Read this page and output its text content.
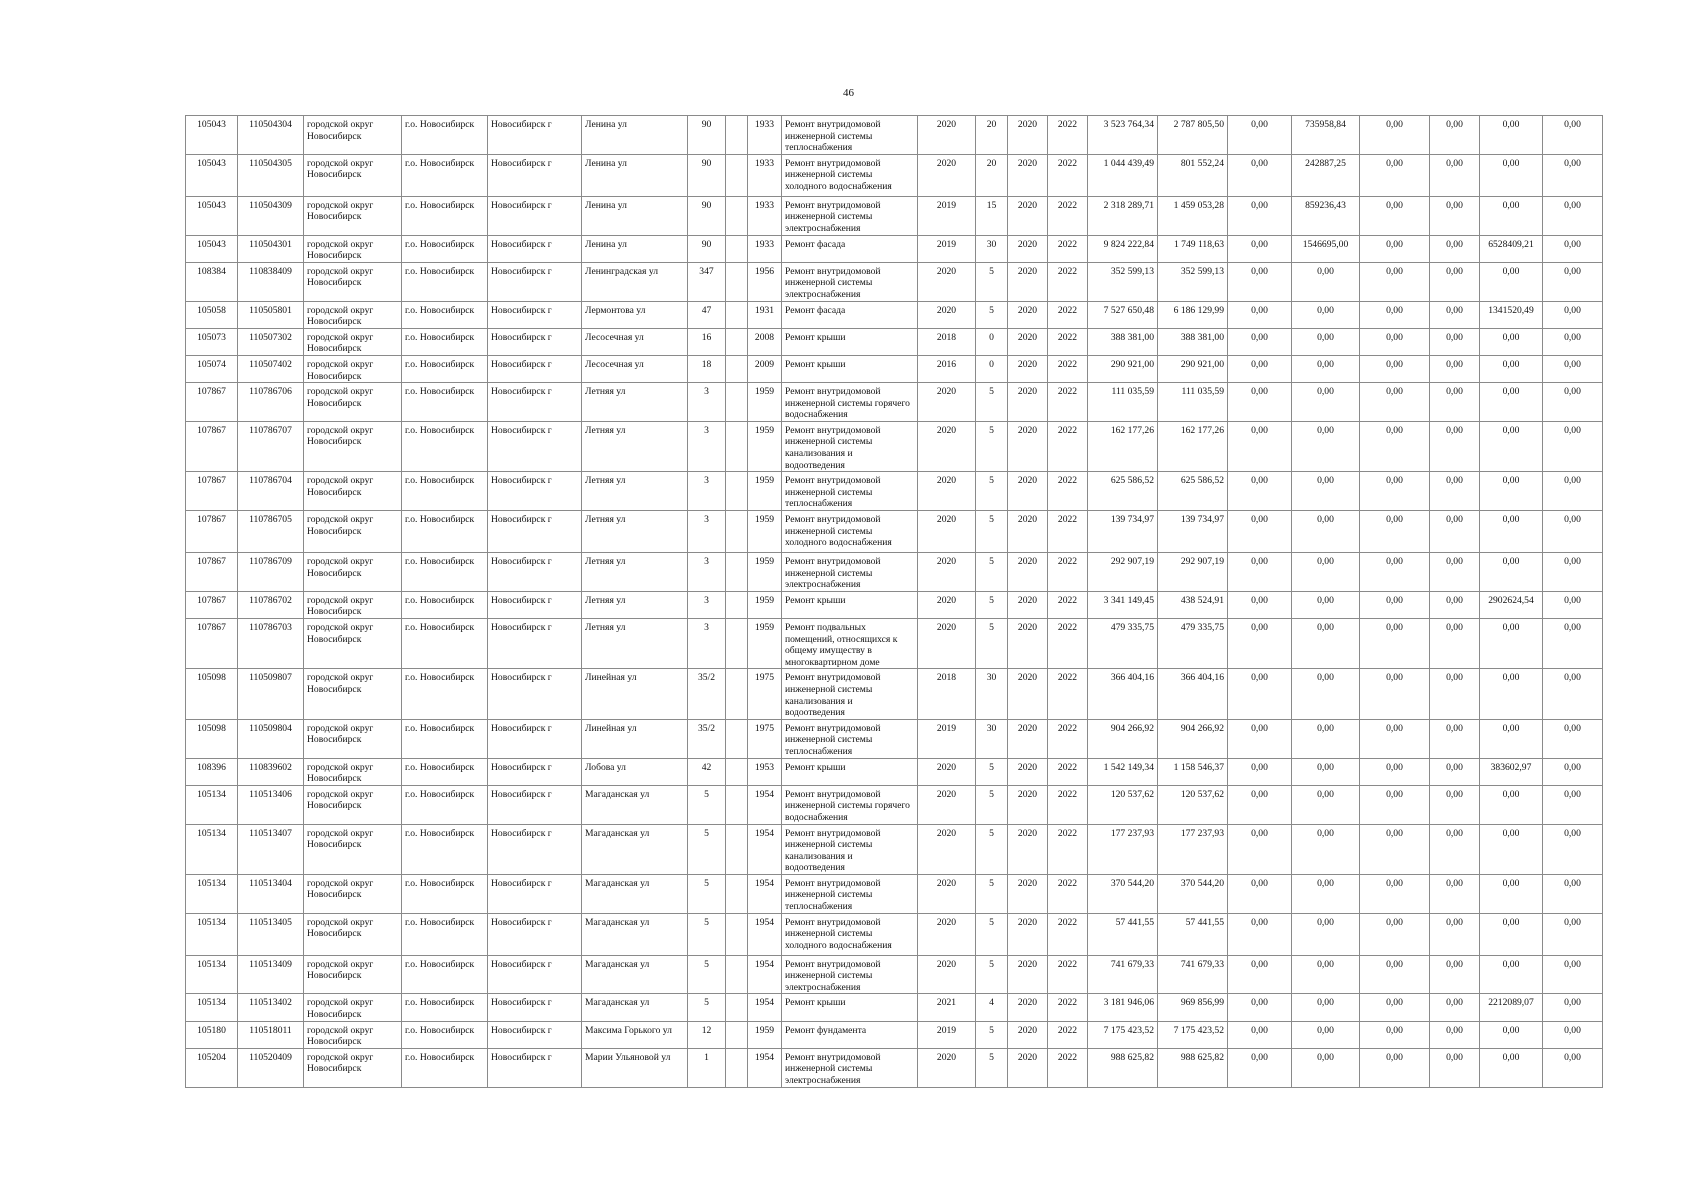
46
105043	110504304	городской округ Новосибирск	г.о. Новосибирск	Новосибирск г	Ленина ул	90		1933	Ремонт внутридомовой инженерной системы теплоснабжения	2020	20	2020	2022	3 523 764,34	2 787 805,50	0,00	735958,84	0,00	0,00	0,00	0,00
105043	110504305	городской округ Новосибирск	г.о. Новосибирск	Новосибирск г	Ленина ул	90		1933	Ремонт внутридомовой инженерной системы холодного водоснабжения	2020	20	2020	2022	1 044 439,49	801 552,24	0,00	242887,25	0,00	0,00	0,00	0,00
105043	110504309	городской округ Новосибирск	г.о. Новосибирск	Новосибирск г	Ленина ул	90		1933	Ремонт внутридомовой инженерной системы электроснабжения	2019	15	2020	2022	2 318 289,71	1 459 053,28	0,00	859236,43	0,00	0,00	0,00	0,00
105043	110504301	городской округ Новосибирск	г.о. Новосибирск	Новосибирск г	Ленина ул	90		1933	Ремонт фасада	2019	30	2020	2022	9 824 222,84	1 749 118,63	0,00	1546695,00	0,00	0,00	6528409,21	0,00
108384	110838409	городской округ Новосибирск	г.о. Новосибирск	Новосибирск г	Ленинградская ул	347		1956	Ремонт внутридомовой инженерной системы электроснабжения	2020	5	2020	2022	352 599,13	352 599,13	0,00	0,00	0,00	0,00	0,00	0,00
105058	110505801	городской округ Новосибирск	г.о. Новосибирск	Новосибирск г	Лермонтова ул	47		1931	Ремонт фасада	2020	5	2020	2022	7 527 650,48	6 186 129,99	0,00	0,00	0,00	0,00	1341520,49	0,00
105073	110507302	городской округ Новосибирск	г.о. Новосибирск	Новосибирск г	Лесосечная ул	16		2008	Ремонт крыши	2018	0	2020	2022	388 381,00	388 381,00	0,00	0,00	0,00	0,00	0,00	0,00
105074	110507402	городской округ Новосибирск	г.о. Новосибирск	Новосибирск г	Лесосечная ул	18		2009	Ремонт крыши	2016	0	2020	2022	290 921,00	290 921,00	0,00	0,00	0,00	0,00	0,00	0,00
107867	110786706	городской округ Новосибирск	г.о. Новосибирск	Новосибирск г	Летняя ул	3		1959	Ремонт внутридомовой инженерной системы горячего водоснабжения	2020	5	2020	2022	111 035,59	111 035,59	0,00	0,00	0,00	0,00	0,00	0,00
107867	110786707	городской округ Новосибирск	г.о. Новосибирск	Новосибирск г	Летняя ул	3		1959	Ремонт внутридомовой инженерной системы канализования и водоотведения	2020	5	2020	2022	162 177,26	162 177,26	0,00	0,00	0,00	0,00	0,00	0,00
107867	110786704	городской округ Новосибирск	г.о. Новосибирск	Новосибирск г	Летняя ул	3		1959	Ремонт внутридомовой инженерной системы теплоснабжения	2020	5	2020	2022	625 586,52	625 586,52	0,00	0,00	0,00	0,00	0,00	0,00
107867	110786705	городской округ Новосибирск	г.о. Новосибирск	Новосибирск г	Летняя ул	3		1959	Ремонт внутридомовой инженерной системы холодного водоснабжения	2020	5	2020	2022	139 734,97	139 734,97	0,00	0,00	0,00	0,00	0,00	0,00
107867	110786709	городской округ Новосибирск	г.о. Новосибирск	Новосибирск г	Летняя ул	3		1959	Ремонт внутридомовой инженерной системы электроснабжения	2020	5	2020	2022	292 907,19	292 907,19	0,00	0,00	0,00	0,00	0,00	0,00
107867	110786702	городской округ Новосибирск	г.о. Новосибирск	Новосибирск г	Летняя ул	3		1959	Ремонт крыши	2020	5	2020	2022	3 341 149,45	438 524,91	0,00	0,00	0,00	0,00	2902624,54	0,00
107867	110786703	городской округ Новосибирск	г.о. Новосибирск	Новосибирск г	Летняя ул	3		1959	Ремонт подвальных помещений, относящихся к общему имуществу в многоквартирном доме	2020	5	2020	2022	479 335,75	479 335,75	0,00	0,00	0,00	0,00	0,00	0,00
105098	110509807	городской округ Новосибирск	г.о. Новосибирск	Новосибирск г	Линейная ул	35/2		1975	Ремонт внутридомовой инженерной системы канализования и водоотведения	2018	30	2020	2022	366 404,16	366 404,16	0,00	0,00	0,00	0,00	0,00	0,00
105098	110509804	городской округ Новосибирск	г.о. Новосибирск	Новосибирск г	Линейная ул	35/2		1975	Ремонт внутридомовой инженерной системы теплоснабжения	2019	30	2020	2022	904 266,92	904 266,92	0,00	0,00	0,00	0,00	0,00	0,00
108396	110839602	городской округ Новосибирск	г.о. Новосибирск	Новосибирск г	Лобова ул	42		1953	Ремонт крыши	2020	5	2020	2022	1 542 149,34	1 158 546,37	0,00	0,00	0,00	0,00	383602,97	0,00
105134	110513406	городской округ Новосибирск	г.о. Новосибирск	Новосибирск г	Магаданская ул	5		1954	Ремонт внутридомовой инженерной системы горячего водоснабжения	2020	5	2020	2022	120 537,62	120 537,62	0,00	0,00	0,00	0,00	0,00	0,00
105134	110513407	городской округ Новосибирск	г.о. Новосибирск	Новосибирск г	Магаданская ул	5		1954	Ремонт внутридомовой инженерной системы канализования и водоотведения	2020	5	2020	2022	177 237,93	177 237,93	0,00	0,00	0,00	0,00	0,00	0,00
105134	110513404	городской округ Новосибирск	г.о. Новосибирск	Новосибирск г	Магаданская ул	5		1954	Ремонт внутридомовой инженерной системы теплоснабжения	2020	5	2020	2022	370 544,20	370 544,20	0,00	0,00	0,00	0,00	0,00	0,00
105134	110513405	городской округ Новосибирск	г.о. Новосибирск	Новосибирск г	Магаданская ул	5		1954	Ремонт внутридомовой инженерной системы холодного водоснабжения	2020	5	2020	2022	57 441,55	57 441,55	0,00	0,00	0,00	0,00	0,00	0,00
105134	110513409	городской округ Новосибирск	г.о. Новосибирск	Новосибирск г	Магаданская ул	5		1954	Ремонт внутридомовой инженерной системы электроснабжения	2020	5	2020	2022	741 679,33	741 679,33	0,00	0,00	0,00	0,00	0,00	0,00
105134	110513402	городской округ Новосибирск	г.о. Новосибирск	Новосибирск г	Магаданская ул	5		1954	Ремонт крыши	2021	4	2020	2022	3 181 946,06	969 856,99	0,00	0,00	0,00	0,00	2212089,07	0,00
105180	110518011	городской округ Новосибирск	г.о. Новосибирск	Новосибирск г	Максима Горького ул	12		1959	Ремонт фундамента	2019	5	2020	2022	7 175 423,52	7 175 423,52	0,00	0,00	0,00	0,00	0,00	0,00
105204	110520409	городской округ Новосибирск	г.о. Новосибирск	Новосибирск г	Марии Ульяновой ул	1		1954	Ремонт внутридомовой инженерной системы электроснабжения	2020	5	2020	2022	988 625,82	988 625,82	0,00	0,00	0,00	0,00	0,00	0,00
